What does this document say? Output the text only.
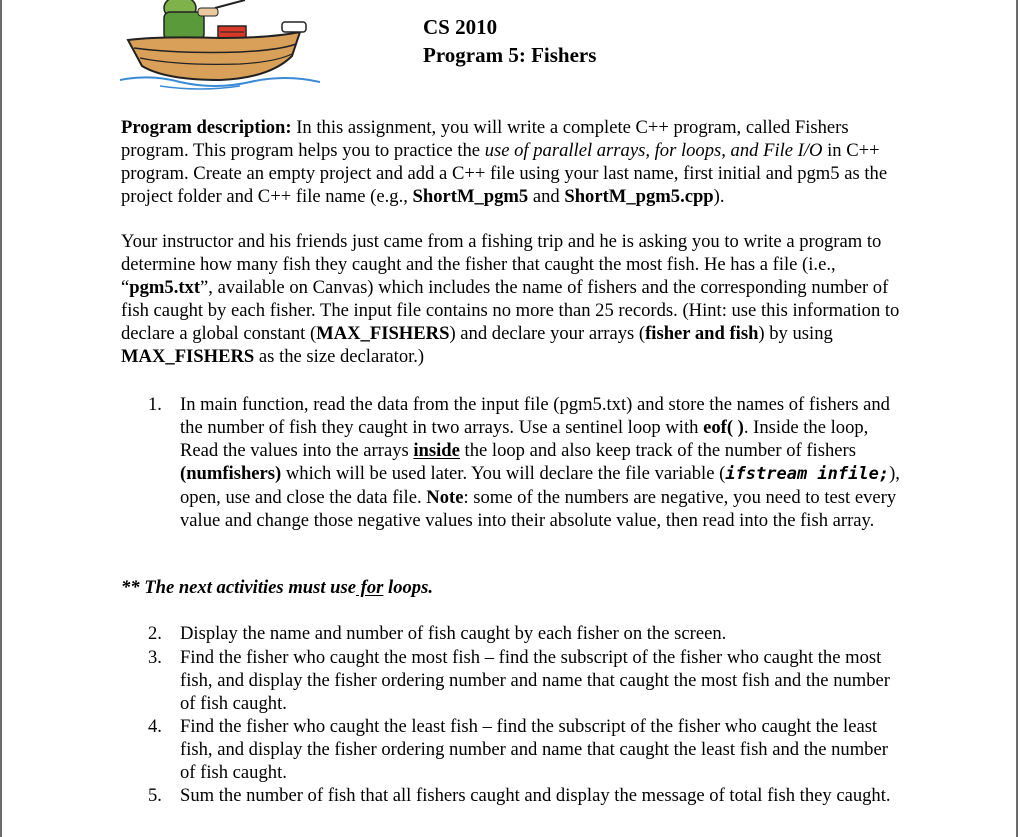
CS 2010
Program 5: Fishers

Program description: In this assignment, you will write a complete C++ program, called Fishers program. This program helps you to practice the use of parallel arrays, for loops, and File I/O in C++ program. Create an empty project and add a C++ file using your last name, first initial and pgm5 as the project folder and C++ file name (e.g., ShortM_pgm5 and ShortM_pgm5.cpp).

Your instructor and his friends just came from a fishing trip and he is asking you to write a program to determine how many fish they caught and the fisher that caught the most fish. He has a file (i.e., “pgm5.txt”, available on Canvas) which includes the name of fishers and the corresponding number of fish caught by each fisher. The input file contains no more than 25 records. (Hint: use this information to declare a global constant (MAX_FISHERS) and declare your arrays (fisher and fish) by using MAX_FISHERS as the size declarator.)

1. In main function, read the data from the input file (pgm5.txt) and store the names of fishers and the number of fish they caught in two arrays. Use a sentinel loop with eof( ). Inside the loop, Read the values into the arrays inside the loop and also keep track of the number of fishers (numfishers) which will be used later. You will declare the file variable (ifstream infile;), open, use and close the data file. Note: some of the numbers are negative, you need to test every value and change those negative values into their absolute value, then read into the fish array.
** The next activities must use for loops.
2. Display the name and number of fish caught by each fisher on the screen.
3. Find the fisher who caught the most fish – find the subscript of the fisher who caught the most fish, and display the fisher ordering number and name that caught the most fish and the number of fish caught.
4. Find the fisher who caught the least fish – find the subscript of the fisher who caught the least fish, and display the fisher ordering number and name that caught the least fish and the number of fish caught.
5. Sum the number of fish that all fishers caught and display the message of total fish they caught.
